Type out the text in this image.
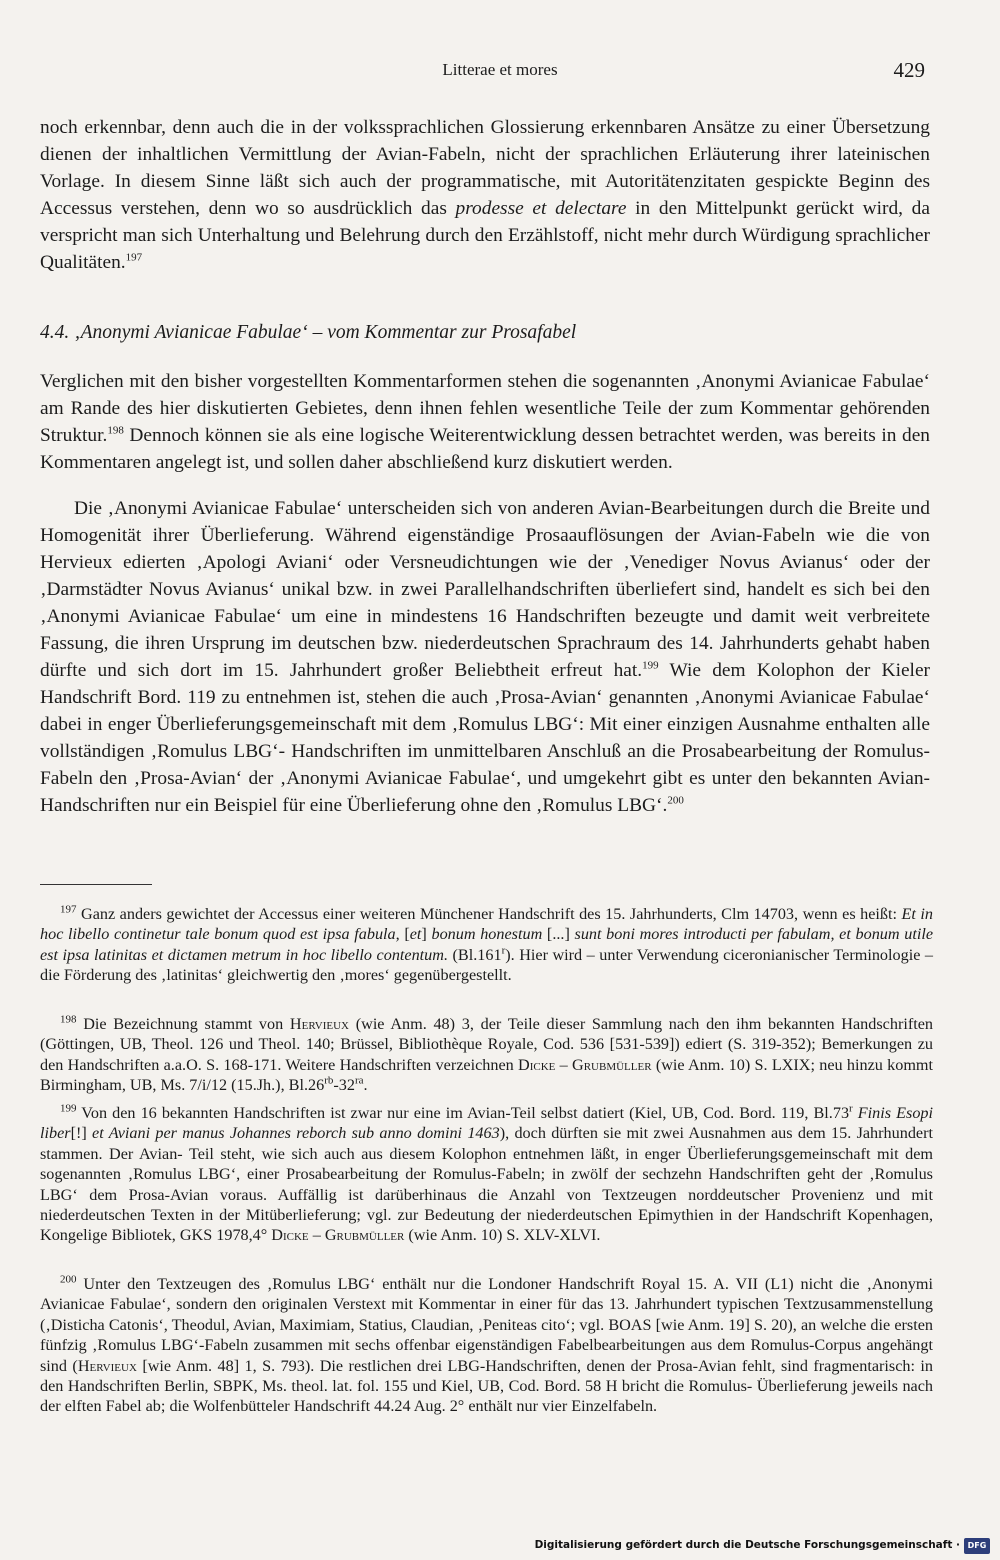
Litterae et mores	429

noch erkennbar, denn auch die in der volkssprachlichen Glossierung erkennbaren Ansätze zu einer Übersetzung dienen der inhaltlichen Vermittlung der Avian-Fabeln, nicht der sprachlichen Erläuterung ihrer lateinischen Vorlage. In diesem Sinne läßt sich auch der programmatische, mit Autoritätenzitaten gespickte Beginn des Accessus verstehen, denn wo so ausdrücklich das prodesse et delectare in den Mittelpunkt gerückt wird, da verspricht man sich Unterhaltung und Belehrung durch den Erzählstoff, nicht mehr durch Würdigung sprachlicher Qualitäten.$^{197}$

4.4. ‚Anonymi Avianicae Fabulae‘ – vom Kommentar zur Prosafabel

Verglichen mit den bisher vorgestellten Kommentarformen stehen die sogenannten ‚Anonymi Avianicae Fabulae‘ am Rande des hier diskutierten Gebietes, denn ihnen fehlen wesentliche Teile der zum Kommentar gehörenden Struktur.$^{198}$ Dennoch können sie als eine logische Weiterentwicklung dessen betrachtet werden, was bereits in den Kommentaren angelegt ist, und sollen daher abschließend kurz diskutiert werden.

Die ‚Anonymi Avianicae Fabulae‘ unterscheiden sich von anderen Avian-Bearbeitungen durch die Breite und Homogenität ihrer Überlieferung. Während eigenständige Prosaauflösungen der Avian-Fabeln wie die von Hervieux edierten ‚Apologi Aviani‘ oder Versneudichtungen wie der ‚Venediger Novus Avianus‘ oder der ‚Darmstädter Novus Avianus‘ unikal bzw. in zwei Parallelhandschriften überliefert sind, handelt es sich bei den ‚Anonymi Avianicae Fabulae‘ um eine in mindestens 16 Handschriften bezeugte und damit weit verbreitete Fassung, die ihren Ursprung im deutschen bzw. niederdeutschen Sprachraum des 14. Jahrhunderts gehabt haben dürfte und sich dort im 15. Jahrhundert großer Beliebtheit erfreut hat.$^{199}$ Wie dem Kolophon der Kieler Handschrift Bord. 119 zu entnehmen ist, stehen die auch ‚Prosa-Avian‘ genannten ‚Anonymi Avianicae Fabulae‘ dabei in enger Überlieferungsgemeinschaft mit dem ‚Romulus LBG‘: Mit einer einzigen Ausnahme enthalten alle vollständigen ‚Romulus LBG‘- Handschriften im unmittelbaren Anschluß an die Prosabearbeitung der Romulus-Fabeln den ‚Prosa-Avian‘ der ‚Anonymi Avianicae Fabulae‘, und umgekehrt gibt es unter den bekannten Avian- Handschriften nur ein Beispiel für eine Überlieferung ohne den ‚Romulus LBG‘.$^{200}$

$^{197}$ Ganz anders gewichtet der Accessus einer weiteren Münchener Handschrift des 15. Jahrhunderts, Clm 14703, wenn es heißt: Et in hoc libello continetur tale bonum quod est ipsa fabula, [et] bonum honestum [...] sunt boni mores introducti per fabulam, et bonum utile est ipsa latinitas et dictamen metrum in hoc libello contentum. (Bl.161$^r$). Hier wird – unter Verwendung ciceronianischer Terminologie – die Förderung des ‚latinitas‘ gleichwertig den ‚mores‘ gegenübergestellt.

$^{198}$ Die Bezeichnung stammt von Hervieux (wie Anm. 48) 3, der Teile dieser Sammlung nach den ihm bekannten Handschriften (Göttingen, UB, Theol. 126 und Theol. 140; Brüssel, Bibliothèque Royale, Cod. 536 [531-539]) ediert (S. 319-352); Bemerkungen zu den Handschriften a.a.O. S. 168-171. Weitere Handschriften verzeichnen Dicke – Grubmüller (wie Anm. 10) S. LXIX; neu hinzu kommt Birmingham, UB, Ms. 7/i/12 (15.Jh.), $Bl.26^{rb}-32^{ra}$.

$^{199}$ Von den 16 bekannten Handschriften ist zwar nur eine im Avian-Teil selbst datiert (Kiel, UB, Cod. Bord. 119, Bl.73$^r$ Finis Esopi liber[!] et Aviani per manus Johannes reborch sub anno domini 1463), doch dürften sie mit zwei Ausnahmen aus dem 15. Jahrhundert stammen. Der Avian- Teil steht, wie sich auch aus diesem Kolophon entnehmen läßt, in enger Überlieferungsgemeinschaft mit dem sogenannten ‚Romulus LBG‘, einer Prosabearbeitung der Romulus-Fabeln; in zwölf der sechzehn Handschriften geht der ‚Romulus LBG‘ dem Prosa-Avian voraus. Auffällig ist darüberhinaus die Anzahl von Textzeugen norddeutscher Provenienz und mit niederdeutschen Texten in der Mitüberlieferung; vgl. zur Bedeutung der niederdeutschen Epimythien in der Handschrift Kopenhagen, Kongelige Bibliotek, GKS 1978,4° Dicke – Grubmüller (wie Anm. 10) S. XLV-XLVI.

$^{200}$ Unter den Textzeugen des ‚Romulus LBG‘ enthält nur die Londoner Handschrift Royal 15. A. VII (L1) nicht die ‚Anonymi Avianicae Fabulae‘, sondern den originalen Verstext mit Kommentar in einer für das 13. Jahrhundert typischen Textzusammenstellung (‚Disticha Catonis‘, Theodul, Avian, Maximiam, Statius, Claudian, ‚Peniteas cito‘; vgl. BOAS [wie Anm. 19] S. 20), an welche die ersten fünfzig ‚Romulus LBG‘-Fabeln zusammen mit sechs offenbar eigenständigen Fabelbearbeitungen aus dem Romulus-Corpus angehängt sind (Hervieux [wie Anm. 48] 1, S. 793). Die restlichen drei LBG-Handschriften, denen der Prosa-Avian fehlt, sind fragmentarisch: in den Handschriften Berlin, SBPK, Ms. theol. lat. fol. 155 und Kiel, UB, Cod. Bord. 58 H bricht die Romulus- Überlieferung jeweils nach der elften Fabel ab; die Wolfenbütteler Handschrift 44.24 Aug. 2° enthält nur vier Einzelfabeln.

Digitalisierung gefördert durch die Deutsche Forschungsgemeinschaft · DFG
